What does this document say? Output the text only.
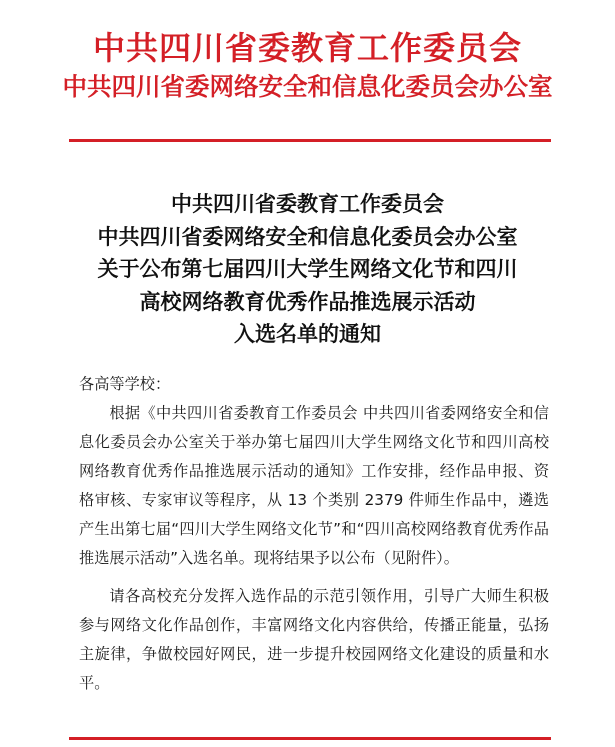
中共四川省委教育工作委员会
中共四川省委网络安全和信息化委员会办公室
中共四川省委教育工作委员会
中共四川省委网络安全和信息化委员会办公室
关于公布第七届四川大学生网络文化节和四川
高校网络教育优秀作品推选展示活动
入选名单的通知
各高等学校：

根据《中共四川省委教育工作委员会 中共四川省委网络安全和信息化委员会办公室关于举办第七届四川大学生网络文化节和四川高校网络教育优秀作品推选展示活动的通知》工作安排，经作品申报、资格审核、专家审议等程序，从 13 个类别 2379 件师生作品中，遴选产生出第七届“四川大学生网络文化节”和“四川高校网络教育优秀作品推选展示活动”入选名单。现将结果予以公布（见附件）。

请各高校充分发挥入选作品的示范引领作用，引导广大师生积极参与网络文化作品创作，丰富网络文化内容供给，传播正能量，弘扬主旋律，争做校园好网民，进一步提升校园网络文化建设的质量和水平。
